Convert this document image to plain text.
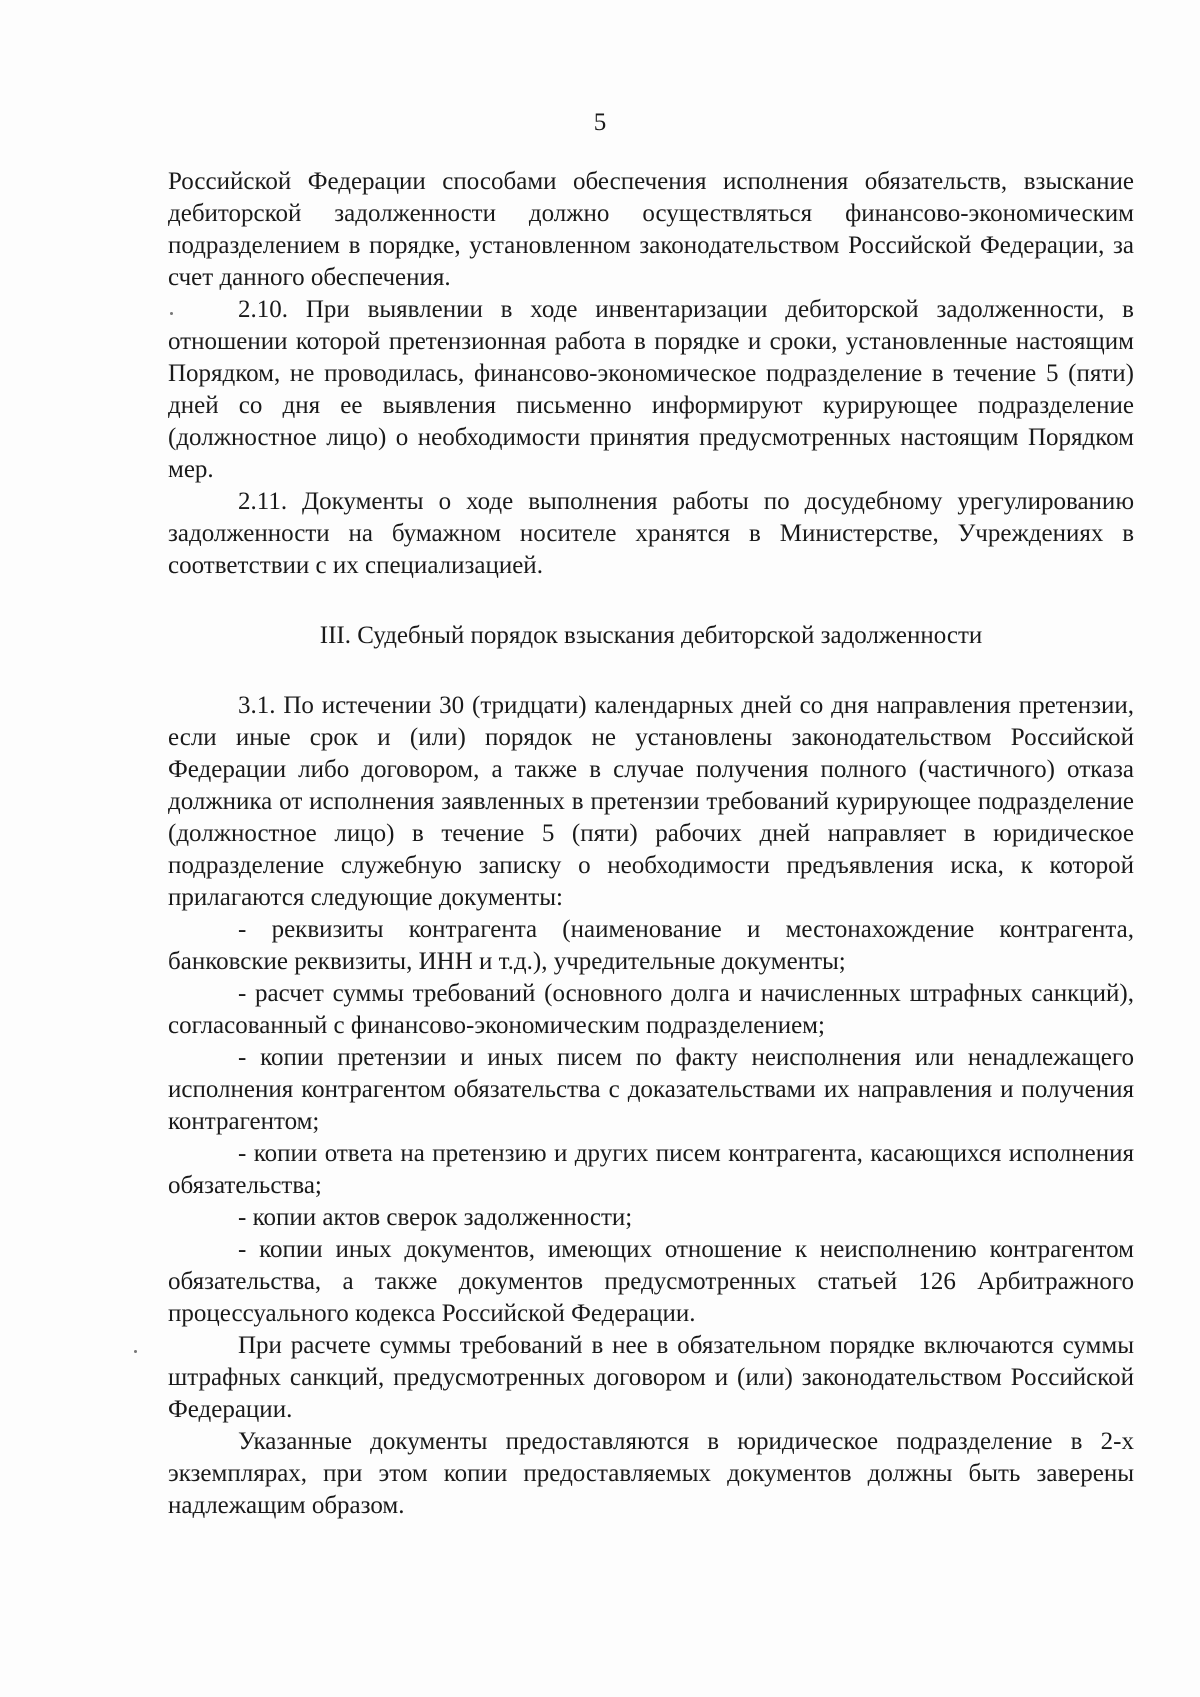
5

Российской Федерации способами обеспечения исполнения обязательств, взыскание дебиторской задолженности должно осуществляться финансово-экономическим подразделением в порядке, установленном законодательством Российской Федерации, за счет данного обеспечения.

2.10. При выявлении в ходе инвентаризации дебиторской задолженности, в отношении которой претензионная работа в порядке и сроки, установленные настоящим Порядком, не проводилась, финансово-экономическое подразделение в течение 5 (пяти) дней со дня ее выявления письменно информируют курирующее подразделение (должностное лицо) о необходимости принятия предусмотренных настоящим Порядком мер.

2.11. Документы о ходе выполнения работы по досудебному урегулированию задолженности на бумажном носителе хранятся в Министерстве, Учреждениях в соответствии с их специализацией.

III. Судебный порядок взыскания дебиторской задолженности

3.1. По истечении 30 (тридцати) календарных дней со дня направления претензии, если иные срок и (или) порядок не установлены законодательством Российской Федерации либо договором, а также в случае получения полного (частичного) отказа должника от исполнения заявленных в претензии требований курирующее подразделение (должностное лицо) в течение 5 (пяти) рабочих дней направляет в юридическое подразделение служебную записку о необходимости предъявления иска, к которой прилагаются следующие документы:

- реквизиты контрагента (наименование и местонахождение контрагента, банковские реквизиты, ИНН и т.д.), учредительные документы;

- расчет суммы требований (основного долга и начисленных штрафных санкций), согласованный с финансово-экономическим подразделением;

- копии претензии и иных писем по факту неисполнения или ненадлежащего исполнения контрагентом обязательства с доказательствами их направления и получения контрагентом;

- копии ответа на претензию и других писем контрагента, касающихся исполнения обязательства;

- копии актов сверок задолженности;

- копии иных документов, имеющих отношение к неисполнению контрагентом обязательства, а также документов предусмотренных статьей 126 Арбитражного процессуального кодекса Российской Федерации.

При расчете суммы требований в нее в обязательном порядке включаются суммы штрафных санкций, предусмотренных договором и (или) законодательством Российской Федерации.

Указанные документы предоставляются в юридическое подразделение в 2-х экземплярах, при этом копии предоставляемых документов должны быть заверены надлежащим образом.
